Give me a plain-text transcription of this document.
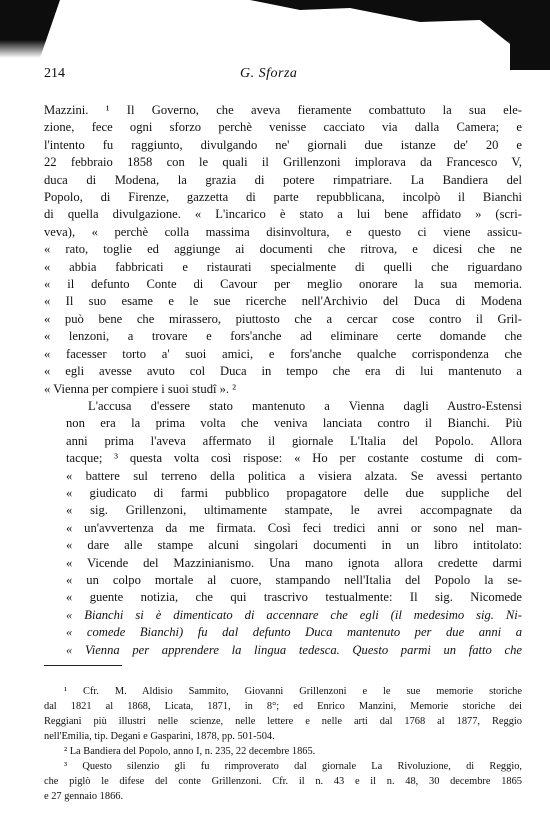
214	G. Sforza

Mazzini. ¹ Il Governo, che aveva fieramente combattuto la sua ele-
zione, fece ogni sforzo perchè venisse cacciato via dalla Camera; e
l'intento fu raggiunto, divulgando ne' giornali due istanze de' 20 e
22 febbraio 1858 con le quali il Grillenzoni implorava da Francesco V,
duca di Modena, la grazia di potere rimpatriare. La Bandiera del
Popolo, di Firenze, gazzetta di parte repubblicana, incolpò il Bianchi
di quella divulgazione. « L'incarico è stato a lui bene affidato » (scri-
veva), « perchè colla massima disinvoltura, e questo ci viene assicu-
« rato, toglie ed aggiunge ai documenti che ritrova, e dicesi che ne
« abbia fabbricati e ristaurati specialmente di quelli che riguardano
« il defunto Conte di Cavour per meglio onorare la sua memoria.
« Il suo esame e le sue ricerche nell'Archivio del Duca di Modena
« può bene che mirassero, piuttosto che a cercar cose contro il Gril-
« lenzoni, a trovare e fors'anche ad eliminare certe domande che
« facesser torto a' suoi amici, e fors'anche qualche corrispondenza che
« egli avesse avuto col Duca in tempo che era di lui mantenuto a
« Vienna per compiere i suoi studî ». ²

L'accusa d'essere stato mantenuto a Vienna dagli Austro-Estensi
non era la prima volta che veniva lanciata contro il Bianchi. Più
anni prima l'aveva affermato il giornale L'Italia del Popolo. Allora
tacque; ³ questa volta così rispose: « Ho per costante costume di com-
« battere sul terreno della politica a visiera alzata. Se avessi pertanto
« giudicato di farmi pubblico propagatore delle due suppliche del
« sig. Grillenzoni, ultimamente stampate, le avrei accompagnate da
« un'avvertenza da me firmata. Così feci tredici anni or sono nel man-
« dare alle stampe alcuni singolari documenti in un libro intitolato:
« Vicende del Mazzinianismo. Una mano ignota allora credette darmi
« un colpo mortale al cuore, stampando nell'Italia del Popolo la se-
« guente notizia, che qui trascrivo testualmente: Il sig. Nicomede
« Bianchi si è dimenticato di accennare che egli (il medesimo sig. Ni-
« comede Bianchi) fu dal defunto Duca mantenuto per due anni a
« Vienna per apprendere la lingua tedesca. Questo parmi un fatto che

¹ Cfr. M. Aldisio Sammito, Giovanni Grillenzoni e le sue memorie storiche
dal 1821 al 1868, Licata, 1871, in 8°; ed Enrico Manzini, Memorie storiche dei
Reggiani più illustri nelle scienze, nelle lettere e nelle arti dal 1768 al 1877, Reggio
nell'Emilia, tip. Degani e Gasparini, 1878, pp. 501-504.
² La Bandiera del Popolo, anno I, n. 235, 22 decembre 1865.
³ Questo silenzio gli fu rimproverato dal giornale La Rivoluzione, di Reggio,
che piglò le difese del conte Grillenzoni. Cfr. il n. 43 e il n. 48, 30 decembre 1865
e 27 gennaio 1866.
